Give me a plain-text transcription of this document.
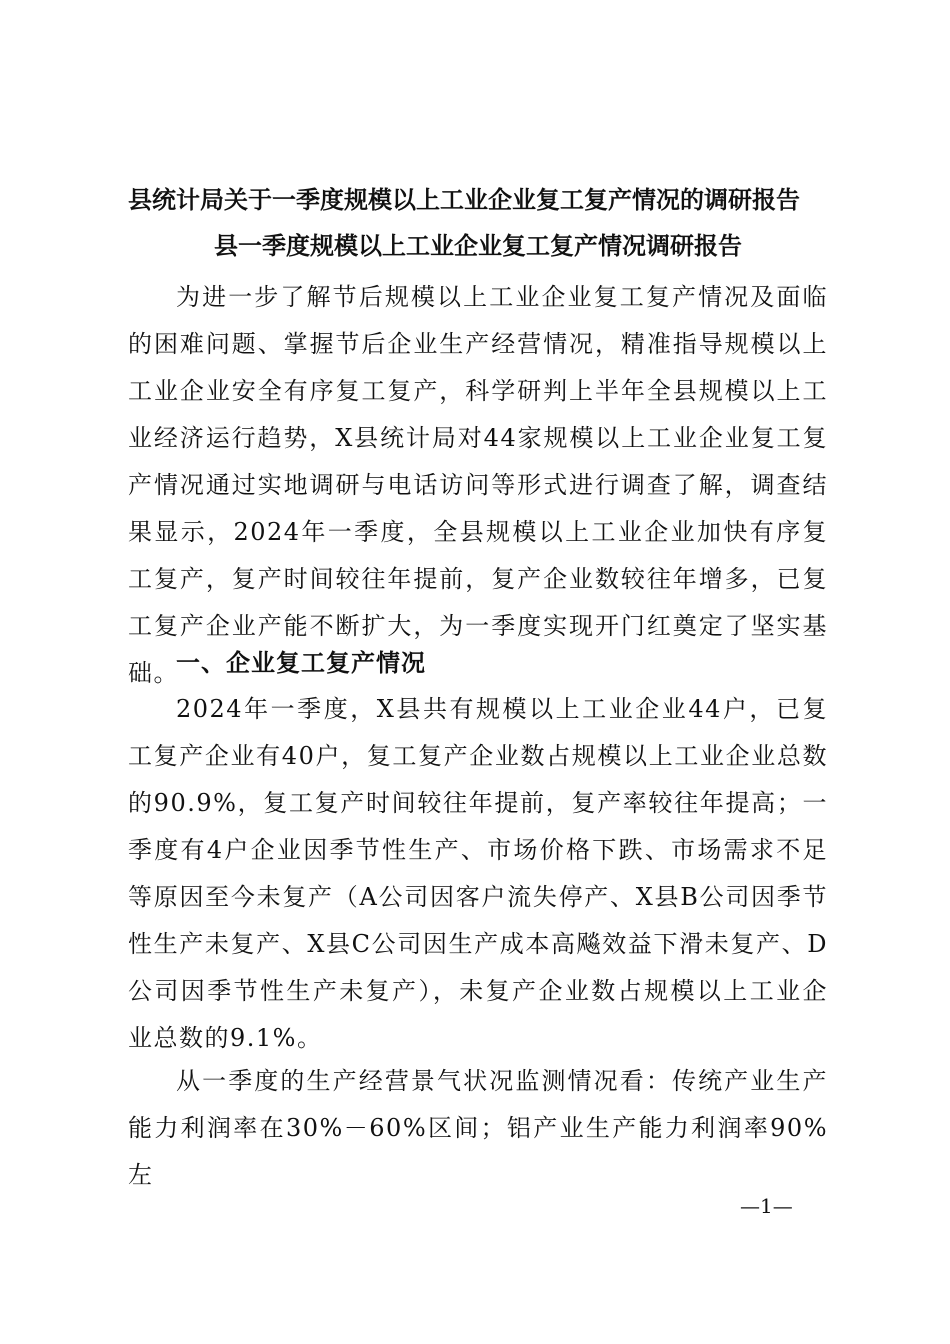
县统计局关于一季度规模以上工业企业复工复产情况的调研报告
县一季度规模以上工业企业复工复产情况调研报告
为进一步了解节后规模以上工业企业复工复产情况及面临的困难问题、掌握节后企业生产经营情况，精准指导规模以上工业企业安全有序复工复产，科学研判上半年全县规模以上工业经济运行趋势，X县统计局对44家规模以上工业企业复工复产情况通过实地调研与电话访问等形式进行调查了解，调查结果显示，2024年一季度，全县规模以上工业企业加快有序复工复产，复产时间较往年提前，复产企业数较往年增多，已复工复产企业产能不断扩大，为一季度实现开门红奠定了坚实基础。
一、企业复工复产情况
2024年一季度，X县共有规模以上工业企业44户，已复工复产企业有40户，复工复产企业数占规模以上工业企业总数的90.9%，复工复产时间较往年提前，复产率较往年提高；一季度有4户企业因季节性生产、市场价格下跌、市场需求不足等原因至今未复产（A公司因客户流失停产、X县B公司因季节性生产未复产、X县C公司因生产成本高飚效益下滑未复产、D公司因季节性生产未复产），未复产企业数占规模以上工业企业总数的9.1%。
从一季度的生产经营景气状况监测情况看：传统产业生产能力利润率在30%－60%区间；铝产业生产能力利润率90%左
—1—
